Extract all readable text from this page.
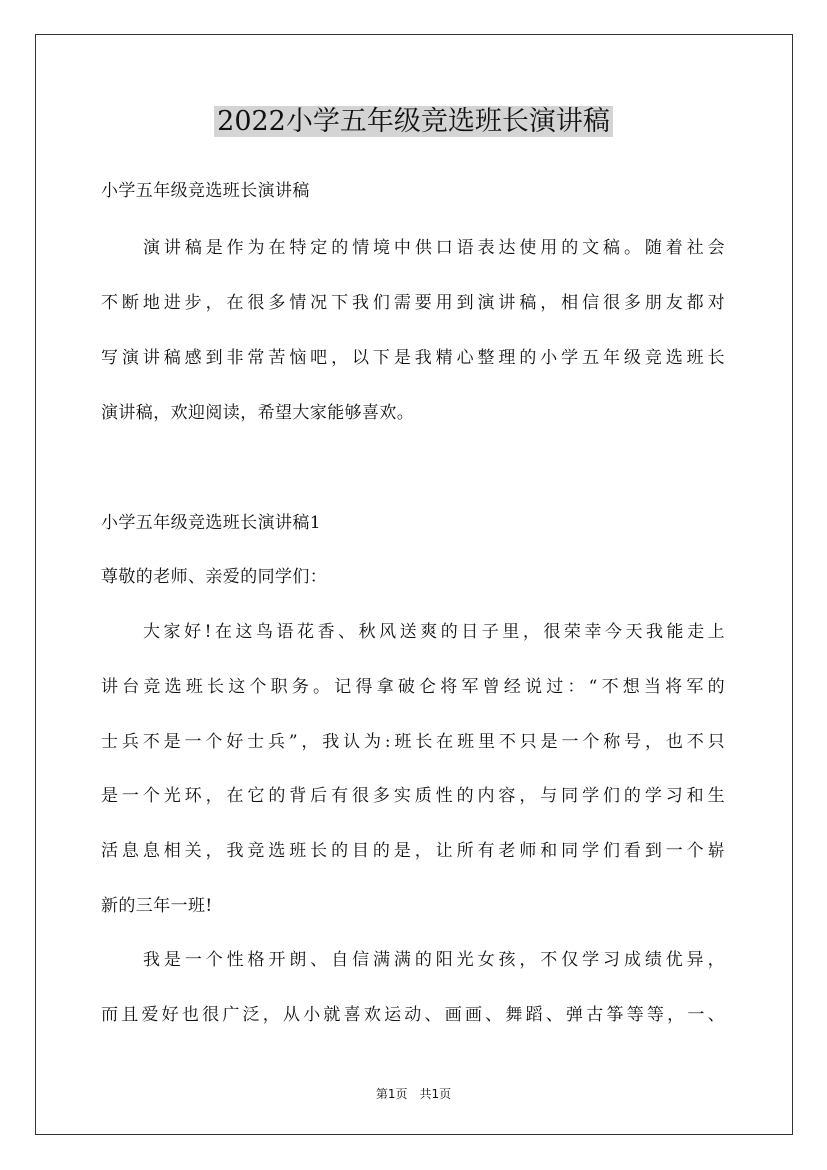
2022小学五年级竞选班长演讲稿
小学五年级竞选班长演讲稿
演讲稿是作为在特定的情境中供口语表达使用的文稿。随着社会
不断地进步，在很多情况下我们需要用到演讲稿，相信很多朋友都对
写演讲稿感到非常苦恼吧，以下是我精心整理的小学五年级竞选班长
演讲稿，欢迎阅读，希望大家能够喜欢。
小学五年级竞选班长演讲稿1
尊敬的老师、亲爱的同学们：
大家好!在这鸟语花香、秋风送爽的日子里，很荣幸今天我能走上
讲台竞选班长这个职务。记得拿破仑将军曾经说过：“不想当将军的
士兵不是一个好士兵”，我认为:班长在班里不只是一个称号，也不只
是一个光环，在它的背后有很多实质性的内容，与同学们的学习和生
活息息相关，我竞选班长的目的是，让所有老师和同学们看到一个崭
新的三年一班!
我是一个性格开朗、自信满满的阳光女孩，不仅学习成绩优异，
而且爱好也很广泛，从小就喜欢运动、画画、舞蹈、弹古筝等等，一、
第1页　共1页
